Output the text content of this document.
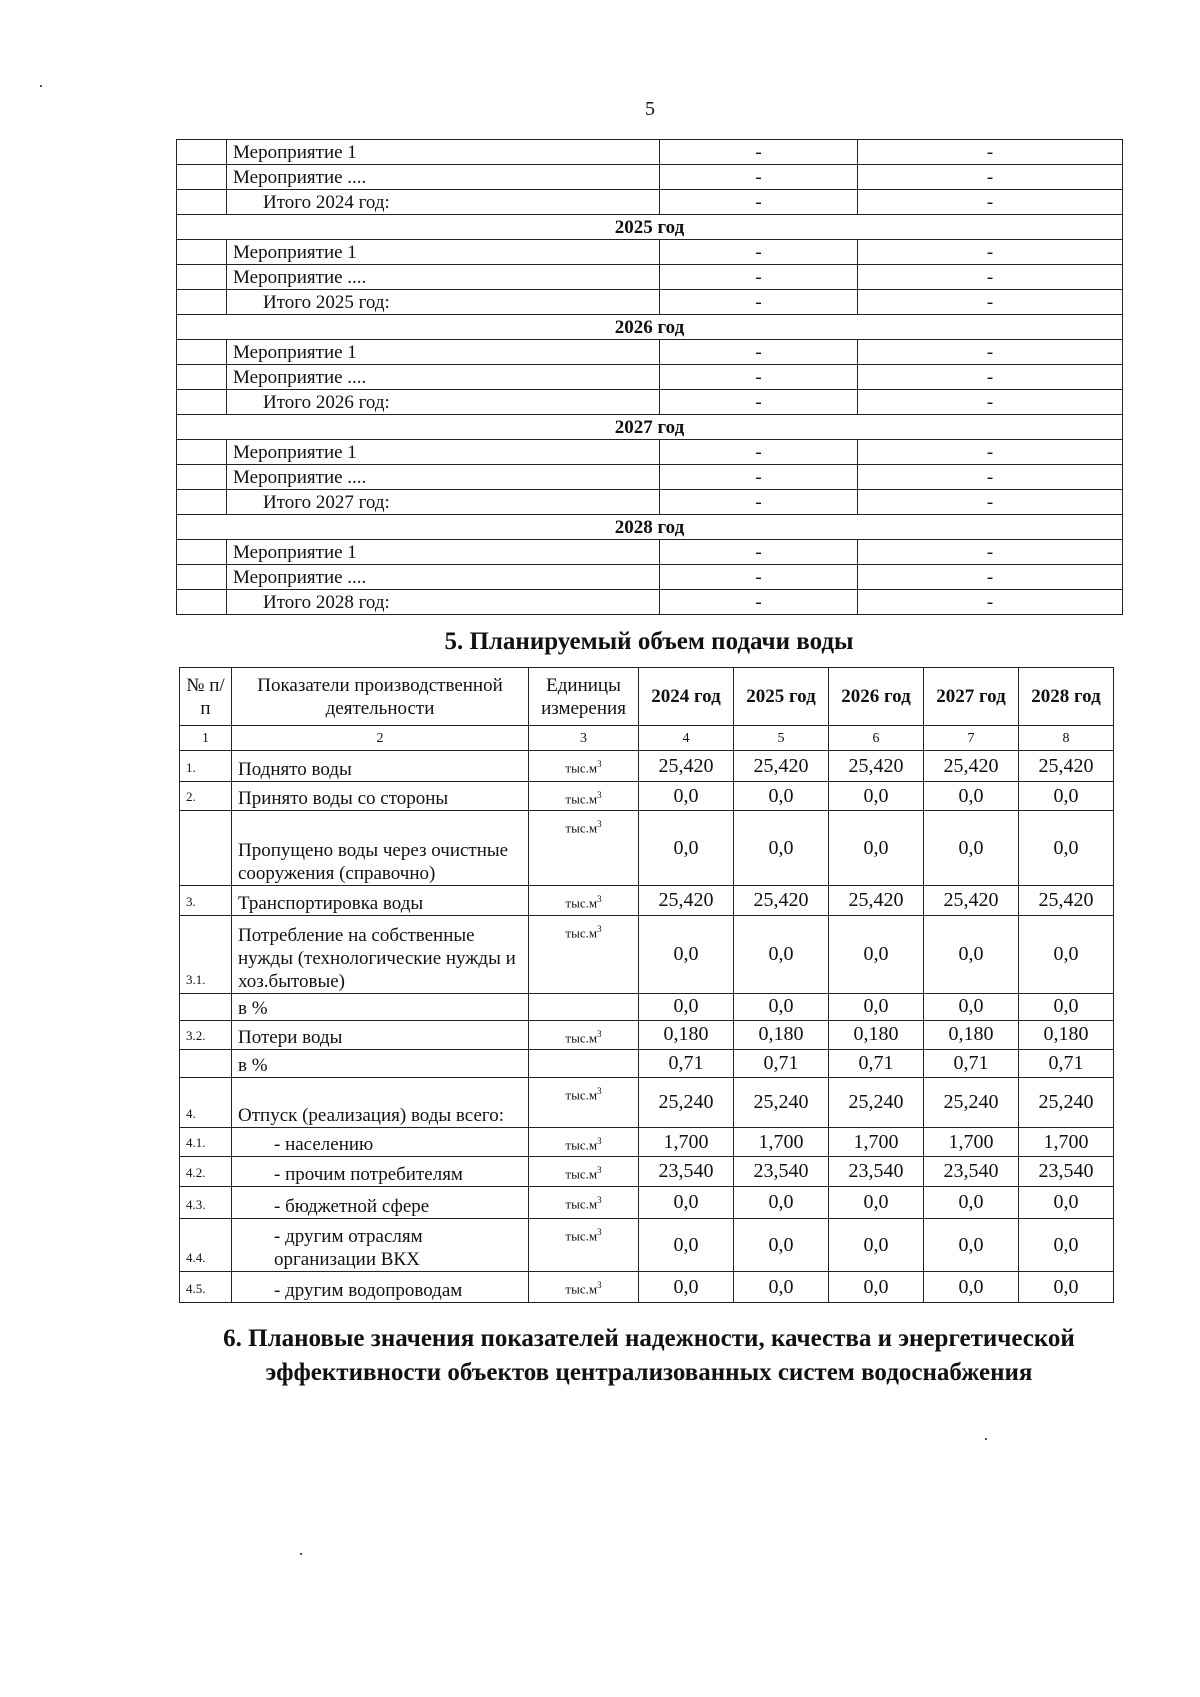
5
	Мероприятие 1	-	-
	Мероприятие ....	-	-
	Итого 2024 год:	-	-
2025 год			
	Мероприятие 1	-	-
	Мероприятие ....	-	-
	Итого 2025 год:	-	-
2026 год			
	Мероприятие 1	-	-
	Мероприятие ....	-	-
	Итого 2026 год:	-	-
2027 год			
	Мероприятие 1	-	-
	Мероприятие ....	-	-
	Итого 2027 год:	-	-
2028 год			
	Мероприятие 1	-	-
	Мероприятие ....	-	-
	Итого 2028 год:	-	-
5. Планируемый объем подачи воды
№ п/п	Показатели производственной деятельности	Единицы измерения	2024 год	2025 год	2026 год	2027 год	2028 год
1	2	3	4	5	6	7	8
1.	Поднято воды	$тыс.м^3$	25,420	25,420	25,420	25,420	25,420
2.	Принято воды со стороны	$тыс.м^3$	0,0	0,0	0,0	0,0	0,0
	Пропущено воды через очистные сооружения (справочно)	$тыс.м^3$	0,0	0,0	0,0	0,0	0,0
3.	Транспортировка воды	$тыс.м^3$	25,420	25,420	25,420	25,420	25,420
3.1.	Потребление на собственные нужды (технологические нужды и хоз.бытовые)	$тыс.м^3$	0,0	0,0	0,0	0,0	0,0
	в %		0,0	0,0	0,0	0,0	0,0
3.2.	Потери воды	$тыс.м^3$	0,180	0,180	0,180	0,180	0,180
	в %		0,71	0,71	0,71	0,71	0,71
4.	Отпуск (реализация) воды всего:	$тыс.м^3$	25,240	25,240	25,240	25,240	25,240
4.1.	- населению	$тыс.м^3$	1,700	1,700	1,700	1,700	1,700
4.2.	- прочим потребителям	$тыс.м^3$	23,540	23,540	23,540	23,540	23,540
4.3.	- бюджетной сфере	$тыс.м^3$	0,0	0,0	0,0	0,0	0,0
4.4.	- другим отраслям организации ВКХ	$тыс.м^3$	0,0	0,0	0,0	0,0	0,0
4.5.	- другим водопроводам	$тыс.м^3$	0,0	0,0	0,0	0,0	0,0
6. Плановые значения показателей надежности, качества и энергетической эффективности объектов централизованных систем водоснабжения
